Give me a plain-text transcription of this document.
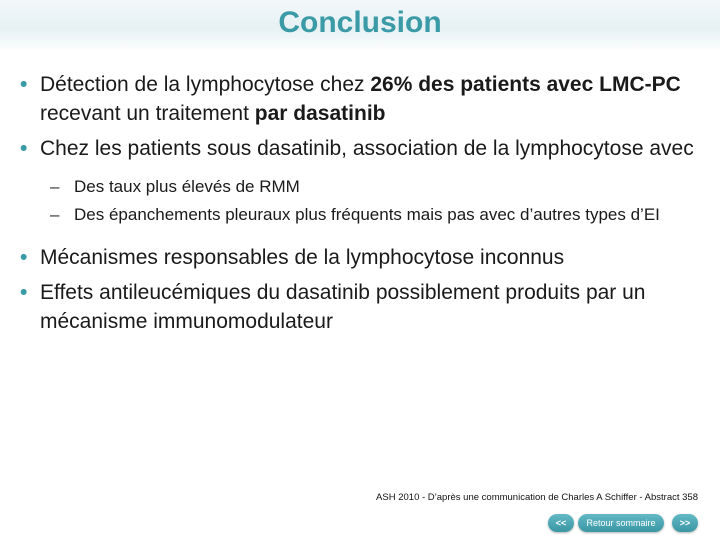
Conclusion
• Détection de la lymphocytose chez 26% des patients avec LMC-PC recevant un traitement par dasatinib
• Chez les patients sous dasatinib, association de la lymphocytose avec
– Des taux plus élevés de RMM
– Des épanchements pleuraux plus fréquents mais pas avec d’autres types d’EI
• Mécanismes responsables de la lymphocytose inconnus
• Effets antileucémiques du dasatinib possiblement produits par un mécanisme immunomodulateur
ASH 2010 - D’après une communication de Charles A Schiffer - Abstract 358
<<	Retour sommaire	>>
